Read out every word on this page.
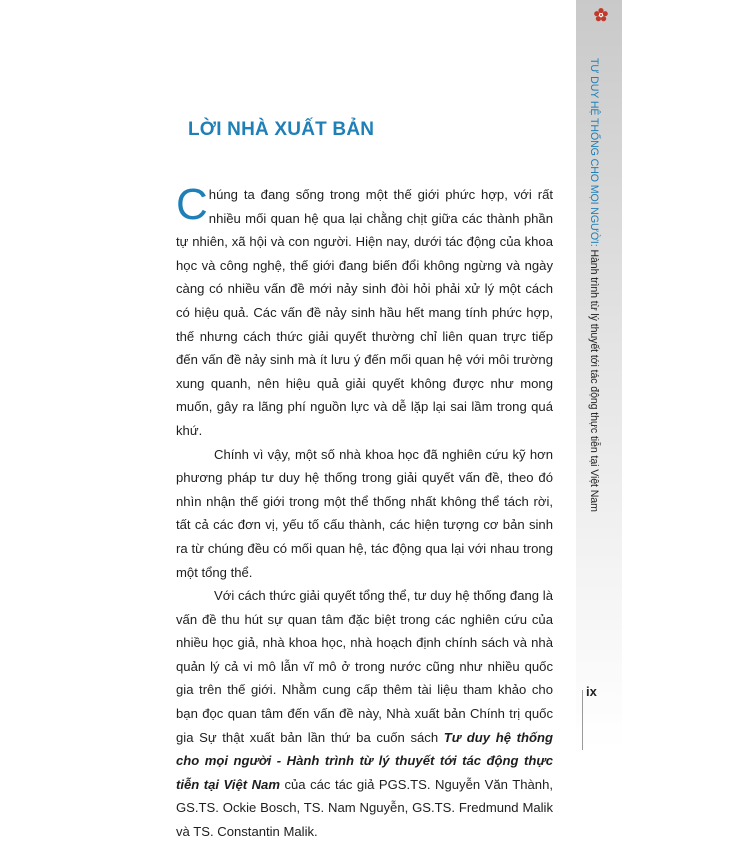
TƯ DUY HỆ THỐNG CHO MỌI NGƯỜI: Hành trình từ lý thuyết tới tác động thực tiễn tại Việt Nam
LỜI NHÀ XUẤT BẢN

Chúng ta đang sống trong một thế giới phức hợp, với rất nhiều mối quan hệ qua lại chằng chịt giữa các thành phần tự nhiên, xã hội và con người. Hiện nay, dưới tác động của khoa học và công nghệ, thế giới đang biến đổi không ngừng và ngày càng có nhiều vấn đề mới nảy sinh đòi hỏi phải xử lý một cách có hiệu quả. Các vấn đề nảy sinh hầu hết mang tính phức hợp, thế nhưng cách thức giải quyết thường chỉ liên quan trực tiếp đến vấn đề nảy sinh mà ít lưu ý đến mối quan hệ với môi trường xung quanh, nên hiệu quả giải quyết không được như mong muốn, gây ra lãng phí nguồn lực và dễ lặp lại sai lầm trong quá khứ.

Chính vì vậy, một số nhà khoa học đã nghiên cứu kỹ hơn phương pháp tư duy hệ thống trong giải quyết vấn đề, theo đó nhìn nhận thế giới trong một thể thống nhất không thể tách rời, tất cả các đơn vị, yếu tố cấu thành, các hiện tượng cơ bản sinh ra từ chúng đều có mối quan hệ, tác động qua lại với nhau trong một tổng thể.

Với cách thức giải quyết tổng thể, tư duy hệ thống đang là vấn đề thu hút sự quan tâm đặc biệt trong các nghiên cứu của nhiều học giả, nhà khoa học, nhà hoạch định chính sách và nhà quản lý cả vi mô lẫn vĩ mô ở trong nước cũng như nhiều quốc gia trên thế giới. Nhằm cung cấp thêm tài liệu tham khảo cho bạn đọc quan tâm đến vấn đề này, Nhà xuất bản Chính trị quốc gia Sự thật xuất bản lần thứ ba cuốn sách Tư duy hệ thống cho mọi người - Hành trình từ lý thuyết tới tác động thực tiễn tại Việt Nam của các tác giả PGS.TS. Nguyễn Văn Thành, GS.TS. Ockie Bosch, TS. Nam Nguyễn, GS.TS. Fredmund Malik và TS. Constantin Malik.

ix
